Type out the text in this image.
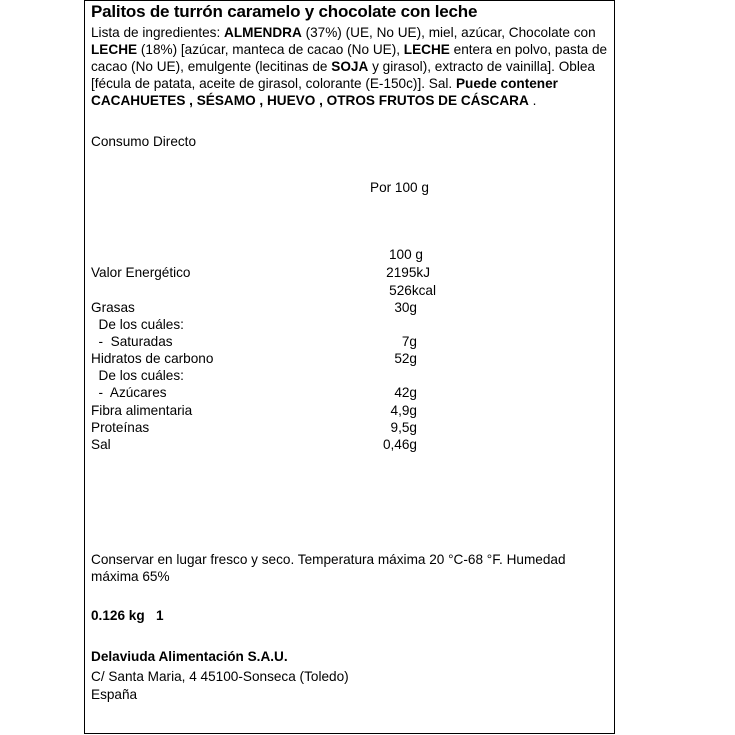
Palitos de turrón caramelo y chocolate con leche
Lista de ingredientes: ALMENDRA (37%) (UE, No UE), miel, azúcar, Chocolate con LECHE (18%) [azúcar, manteca de cacao (No UE), LECHE entera en polvo, pasta de cacao (No UE), emulgente (lecitinas de SOJA y girasol), extracto de vainilla]. Oblea [fécula de patata, aceite de girasol, colorante (E-150c)]. Sal. Puede contener CACAHUETES , SÉSAMO , HUEVO , OTROS FRUTOS DE CÁSCARA .
Consumo Directo
Por 100 g
100 g
Valor Energético	2195kJ
526kcal
Grasas	30g
De los cuáles:
-  Saturadas	7g
Hidratos de carbono	52g
De los cuáles:
-  Azúcares	42g
Fibra alimentaria	4,9g
Proteínas	9,5g
Sal	0,46g
Conservar en lugar fresco y seco. Temperatura máxima 20 °C-68 °F. Humedad
máxima 65%
0.126 kg   1
Delaviuda Alimentación S.A.U.
C/ Santa Maria, 4 45100-Sonseca (Toledo)
España
